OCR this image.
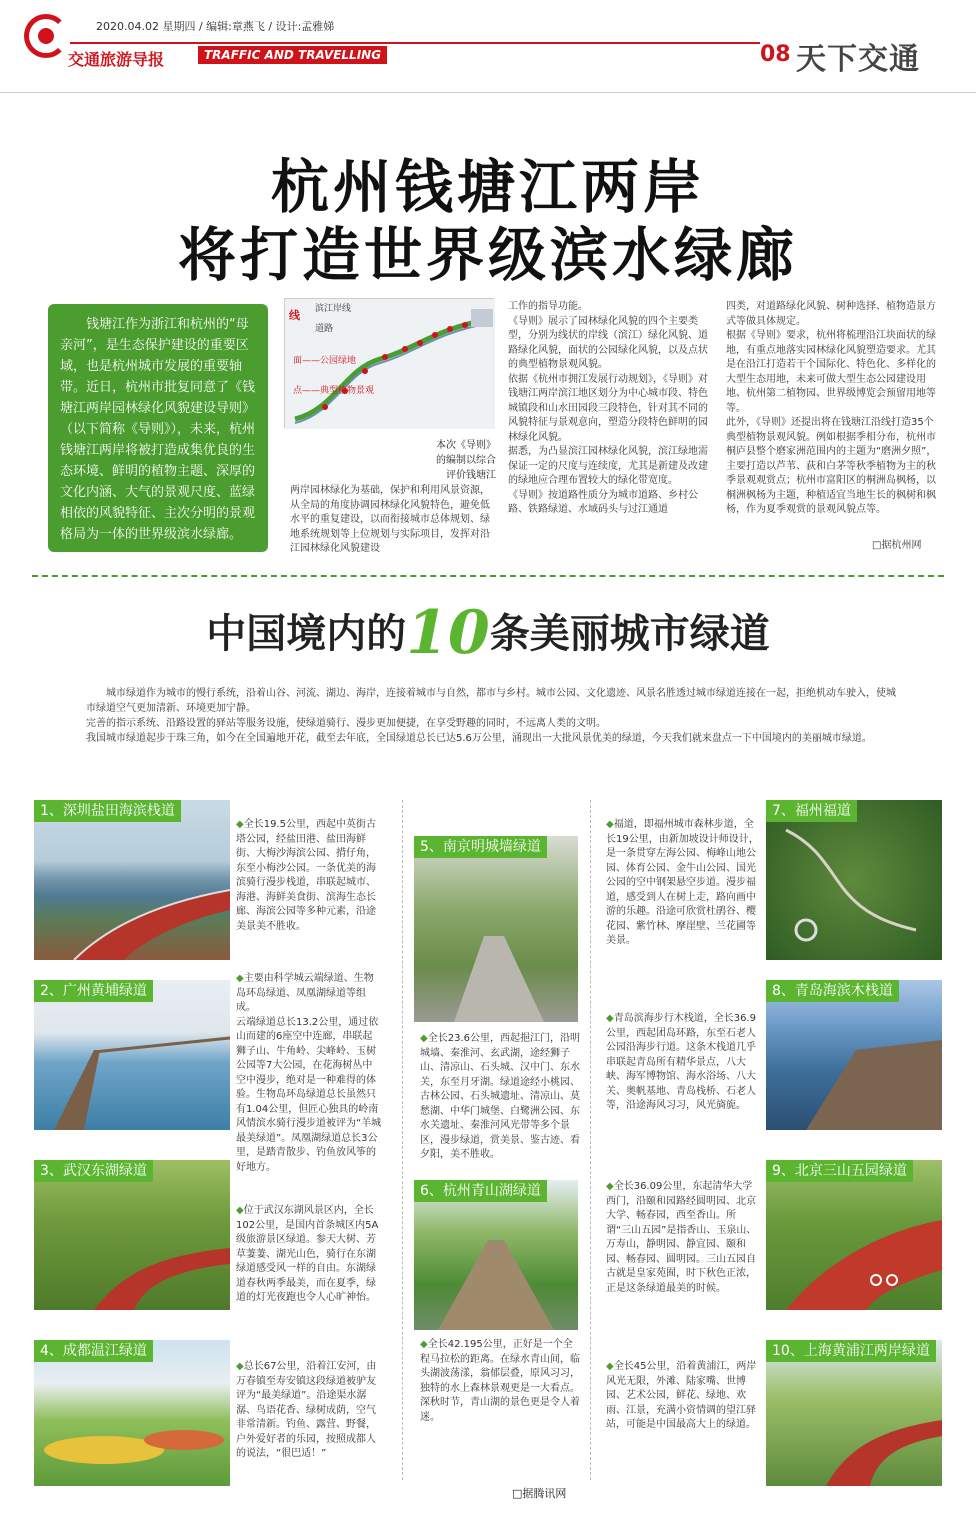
2020.04.02 星期四 / 编辑:章燕飞 / 设计:孟雅娣
交通旅游导报	TRAFFIC AND TRAVELLING	08 天下交通
杭州钱塘江两岸
将打造世界级滨水绿廊

钱塘江作为浙江和杭州的“母亲河”，是生态保护建设的重要区域，也是杭州城市发展的重要轴带。近日，杭州市批复同意了《钱塘江两岸园林绿化风貌建设导则》（以下简称《导则》），未来，杭州钱塘江两岸将被打造成集优良的生态环境、鲜明的植物主题、深厚的文化内涵、大气的景观尺度、蓝绿相依的风貌特征、主次分明的景观格局为一体的世界级滨水绿廊。

线 滨江岸线
道路
面——公园绿地
点——典型植物景观
本次《导则》的编制以综合评价钱塘江

两岸园林绿化为基础，保护和利用风景资源，从全局的角度协调园林绿化风貌特色，避免低水平的重复建设，以而衔接城市总体规划、绿地系统规划等上位规划与实际项目，发挥对沿江园林绿化风貌建设

工作的指导功能。
《导则》展示了园林绿化风貌的四个主要类型，分别为线状的岸线（滨江）绿化风貌、道路绿化风貌，面状的公园绿化风貌，以及点状的典型植物景观风貌。
依据《杭州市拥江发展行动规划》，《导则》对钱塘江两岸滨江地区划分为中心城市段、特色城镇段和山水田园段三段特色，针对其不同的风貌特征与景观意向，塑造分段特色鲜明的园林绿化风貌。
据悉，为凸显滨江园林绿化风貌，滨江绿地需保证一定的尺度与连续度，尤其是新建及改建的绿地应合理布置较大的绿化带宽度。
《导则》按道路性质分为城市道路、乡村公路、铁路绿道、水域码头与过江通道
四类，对道路绿化风貌、树种选择、植物造景方式等做具体规定。
根据《导则》要求，杭州将梳理沿江块面状的绿地，有重点地落实园林绿化风貌塑造要求。尤其是在沿江打造若干个国际化、特色化、多样化的大型生态用地，未来可做大型生态公园建设用地、杭州第二植物园、世界级博览会预留用地等等。
此外，《导则》还提出将在钱塘江沿线打造35个典型植物景观风貌。例如根据季相分布，杭州市桐庐县整个磨家洲范围内的主题为“磨洲夕照”，主要打造以芦苇、荻和白茅等秋季植物为主的秋季景观观赏点；杭州市富阳区的桐洲岛枫杨，以桐洲枫杨为主题，种植适宜当地生长的枫树和枫杨，作为夏季观赏的景观风貌点等。
□据杭州网
中国境内的10条美丽城市绿道
城市绿道作为城市的慢行系统，沿着山谷、河流、湖边、海岸，连接着城市与自然，都市与乡村。城市公园、文化遗迹、风景名胜透过城市绿道连接在一起，拒绝机动车驶入，使城市绿道空气更加清新、环境更加宁静。
完善的指示系统、沿路设置的驿站等服务设施，使绿道骑行、漫步更加便捷，在享受野趣的同时，不远离人类的文明。
我国城市绿道起步于珠三角，如今在全国遍地开花，截至去年底，全国绿道总长已达5.6万公里，涌现出一大批风景优美的绿道，今天我们就来盘点一下中国境内的美丽城市绿道。
1、深圳盐田海滨栈道
◆全长19.5公里，西起中英街古塔公园，经盐田港、盐田海鲜街、大梅沙海滨公园、揹仔角，东至小梅沙公园。一条优美的海滨骑行漫步栈道，串联起城市、海港、海鲜美食街、滨海生态长廊、海滨公园等多种元素，沿途美景美不胜收。
2、广州黄埔绿道
◆主要由科学城云端绿道、生物岛环岛绿道、凤凰湖绿道等组成。
云端绿道总长13.2公里，通过依山而建的6座空中连廊，串联起狮子山、牛角岭、尖峰岭、玉树公园等7大公园，在花海树丛中空中漫步，绝对是一种难得的体验。生物岛环岛绿道总长虽然只有1.04公里，但匠心独具的岭南风情滨水骑行漫步道被评为“羊城最美绿道”。凤凰湖绿道总长3公里，是踏青散步、钓鱼放风筝的好地方。
3、武汉东湖绿道
◆位于武汉东湖风景区内，全长102公里，是国内首条城区内5A级旅游景区绿道。参天大树、芳草萋萋、湖光山色，骑行在东湖绿道感受风一样的自由。东湖绿道春秋两季最美，而在夏季，绿道的灯光夜跑也令人心旷神怡。
4、成都温江绿道
◆总长67公里，沿着江安河，由万春镇至寿安镇这段绿道被驴友评为“最美绿道”。沿途渠水潺潺、鸟语花香、绿树成荫，空气非常清新。钓鱼、露营、野餐，户外爱好者的乐园，按照成都人的说法，“很巴适！”
5、南京明城墙绿道
◆全长23.6公里，西起挹江门，沿明城墙、秦淮河、玄武湖，途经狮子山、清凉山、石头城、汉中门、东水关，东至月牙湖。绿道途经小桃园、古林公园、石头城遗址、清凉山、莫愁湖、中华门城堡、白鹭洲公园、东水关遗址、秦淮河风光带等多个景区，漫步绿道，赏美景、鉴古迹、看夕阳，美不胜收。
6、杭州青山湖绿道
◆全长42.195公里，正好是一个全程马拉松的距离。在绿水青山间，临头湖波荡漾，翁郁层叠，原风习习，独特的水上森林景观更是一大看点。深秋时节，青山湖的景色更是令人着迷。
◆福道，即福州城市森林步道，全长19公里，由新加坡设计师设计，是一条贯穿左海公园、梅峰山地公园、体育公园、金牛山公园、国光公园的空中钢架悬空步道。漫步福道，感受到人在树上走，路向画中游的乐趣。沿途可欣赏杜鹃谷、樱花园、紫竹林、摩崖壁、兰花圃等美景。
7、福州福道
◆青岛滨海步行木栈道，全长36.9公里，西起团岛环路，东至石老人公园沿海步行道。这条木栈道几乎串联起青岛所有精华景点，八大峡、海军博物馆、海水浴场、八大关、奥帆基地、青岛栈桥、石老人等，沿途海风习习，风光旖旎。
8、青岛海滨木栈道
◆全长36.09公里，东起清华大学西门，沿颐和园路经圆明园、北京大学、畅春园，西至香山。所谓“三山五园”是指香山、玉泉山、万寿山，静明园、静宜园、颐和园、畅春园、圆明园。三山五园自古就是皇家苑囿，时下秋色正浓，正是这条绿道最美的时候。
9、北京三山五园绿道
◆全长45公里，沿着黄浦江，两岸风光无限，外滩、陆家嘴、世博园、艺术公园，鲜花、绿地、欢雨、江景，充满小资情调的望江驿站，可能是中国最高大上的绿道。
10、上海黄浦江两岸绿道
□据腾讯网
